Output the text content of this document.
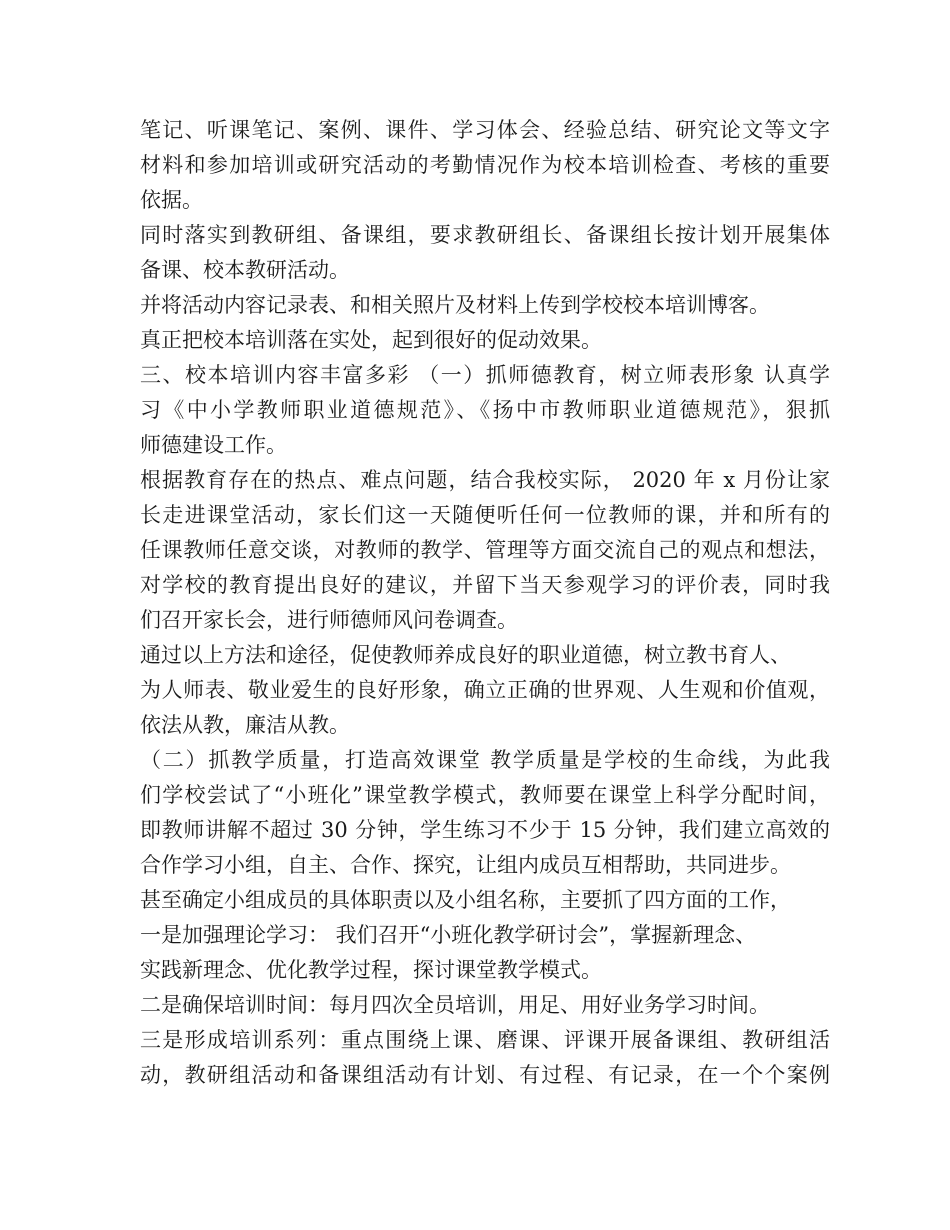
笔记、听课笔记、案例、课件、学习体会、经验总结、研究论文等文字
材料和参加培训或研究活动的考勤情况作为校本培训检查、考核的重要
依据。
同时落实到教研组、备课组，要求教研组长、备课组长按计划开展集体
备课、校本教研活动。
并将活动内容记录表、和相关照片及材料上传到学校校本培训博客。
真正把校本培训落在实处，起到很好的促动效果。
三、校本培训内容丰富多彩 （一）抓师德教育，树立师表形象 认真学
习《中小学教师职业道德规范》、《扬中市教师职业道德规范》，狠抓
师德建设工作。
根据教育存在的热点、难点问题，结合我校实际， 2020 年 x 月份让家
长走进课堂活动，家长们这一天随便听任何一位教师的课，并和所有的
任课教师任意交谈，对教师的教学、管理等方面交流自己的观点和想法，
对学校的教育提出良好的建议，并留下当天参观学习的评价表，同时我
们召开家长会，进行师德师风问卷调查。
通过以上方法和途径，促使教师养成良好的职业道德，树立教书育人、
为人师表、敬业爱生的良好形象，确立正确的世界观、人生观和价值观，
依法从教，廉洁从教。
（二）抓教学质量，打造高效课堂 教学质量是学校的生命线，为此我
们学校尝试了“小班化”课堂教学模式，教师要在课堂上科学分配时间，
即教师讲解不超过 30 分钟，学生练习不少于 15 分钟，我们建立高效的
合作学习小组，自主、合作、探究，让组内成员互相帮助，共同进步。
甚至确定小组成员的具体职责以及小组名称，主要抓了四方面的工作，
一是加强理论学习： 我们召开“小班化教学研讨会”，掌握新理念、
实践新理念、优化教学过程，探讨课堂教学模式。
二是确保培训时间：每月四次全员培训，用足、用好业务学习时间。
三是形成培训系列：重点围绕上课、磨课、评课开展备课组、教研组活
动，教研组活动和备课组活动有计划、有过程、有记录，在一个个案例
